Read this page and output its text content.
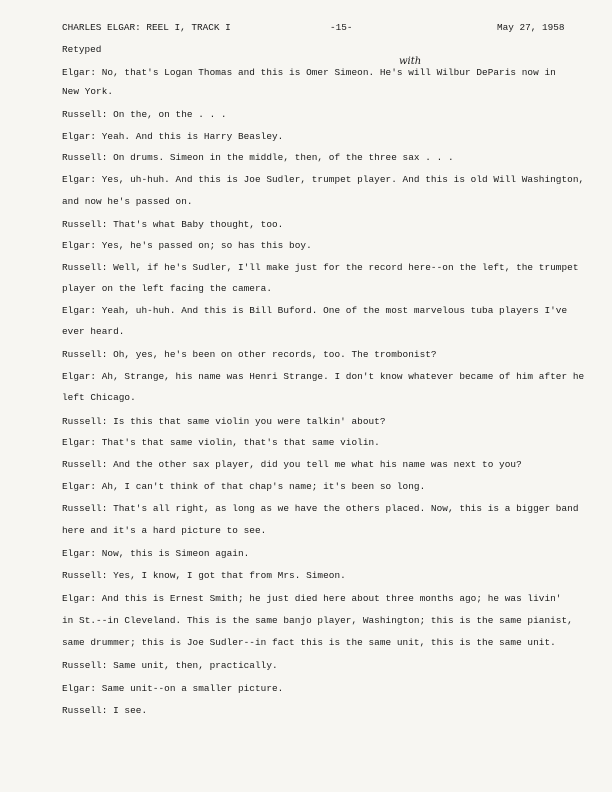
CHARLES ELGAR: REEL I, TRACK I	-15-	May 27, 1958
Retyped
with
Elgar: No, that's Logan Thomas and this is Omer Simeon. He's will Wilbur DeParis now in
New York.
Russell: On the, on the . . .
Elgar: Yeah. And this is Harry Beasley.
Russell: On drums. Simeon in the middle, then, of the three sax . . .
Elgar: Yes, uh-huh. And this is Joe Sudler, trumpet player. And this is old Will Washington,
and now he's passed on.
Russell: That's what Baby thought, too.
Elgar: Yes, he's passed on; so has this boy.
Russell: Well, if he's Sudler, I'll make just for the record here--on the left, the trumpet
player on the left facing the camera.
Elgar: Yeah, uh-huh. And this is Bill Buford. One of the most marvelous tuba players I've
ever heard.
Russell: Oh, yes, he's been on other records, too. The trombonist?
Elgar: Ah, Strange, his name was Henri Strange. I don't know whatever became of him after he
left Chicago.
Russell: Is this that same violin you were talkin' about?
Elgar: That's that same violin, that's that same violin.
Russell: And the other sax player, did you tell me what his name was next to you?
Elgar: Ah, I can't think of that chap's name; it's been so long.
Russell: That's all right, as long as we have the others placed. Now, this is a bigger band
here and it's a hard picture to see.
Elgar: Now, this is Simeon again.
Russell: Yes, I know, I got that from Mrs. Simeon.
Elgar: And this is Ernest Smith; he just died here about three months ago; he was livin'
in St.--in Cleveland. This is the same banjo player, Washington; this is the same pianist,
same drummer; this is Joe Sudler--in fact this is the same unit, this is the same unit.
Russell: Same unit, then, practically.
Elgar: Same unit--on a smaller picture.
Russell: I see.
